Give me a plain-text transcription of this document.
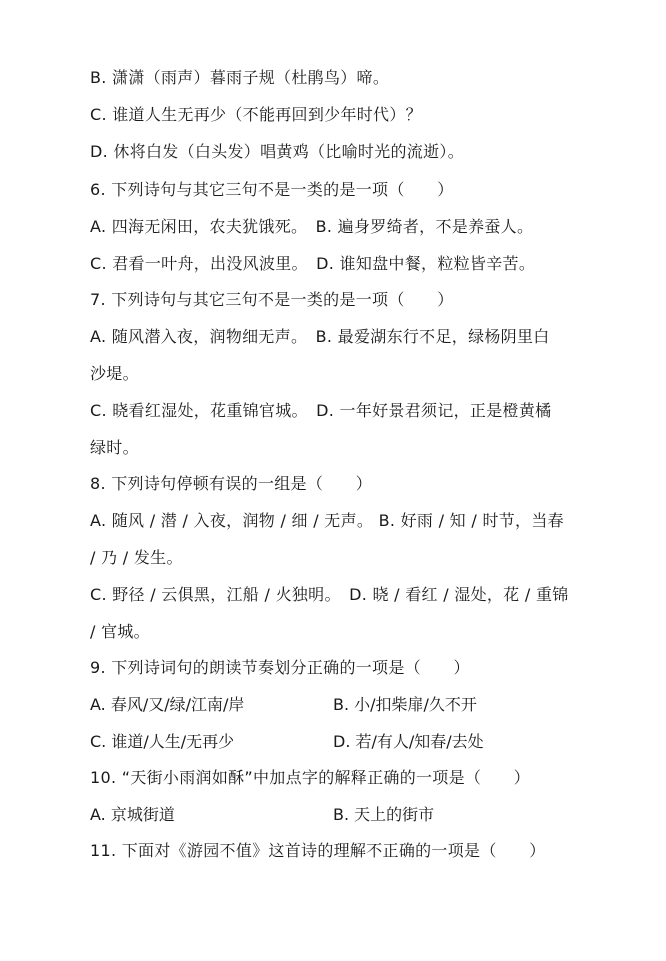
B. 潇潇（雨声）暮雨子规（杜鹃鸟）啼。
C. 谁道人生无再少（不能再回到少年时代）？
D. 休将白发（白头发）唱黄鸡（比喻时光的流逝）。
6. 下列诗句与其它三句不是一类的是一项（　　）
A. 四海无闲田，农夫犹饿死。　B. 遍身罗绮者，不是养蚕人。
C. 君看一叶舟，出没风波里。　D. 谁知盘中餐，粒粒皆辛苦。
7. 下列诗句与其它三句不是一类的是一项（　　）
A. 随风潜入夜，润物细无声。　B. 最爱湖东行不足，绿杨阴里白
沙堤。
C. 晓看红湿处，花重锦官城。　D. 一年好景君须记，正是橙黄橘
绿时。
8. 下列诗句停顿有误的一组是（　　）
A. 随风 / 潜 / 入夜，润物 / 细 / 无声。 B. 好雨 / 知 / 时节，当春
/ 乃 / 发生。
C. 野径 / 云俱黑，江船 / 火独明。　D. 晓 / 看红 / 湿处，花 / 重锦
/ 官城。
9. 下列诗词句的朗读节奏划分正确的一项是（　　）
A. 春风/又/绿/江南/岸	B. 小/扣柴扉/久不开
C. 谁道/人生/无再少	D. 若/有人/知春/去处
10. “天街小雨润如酥”中加点字的解释正确的一项是（　　）
A. 京城街道	B. 天上的街市
11. 下面对《游园不值》这首诗的理解不正确的一项是（　　）
